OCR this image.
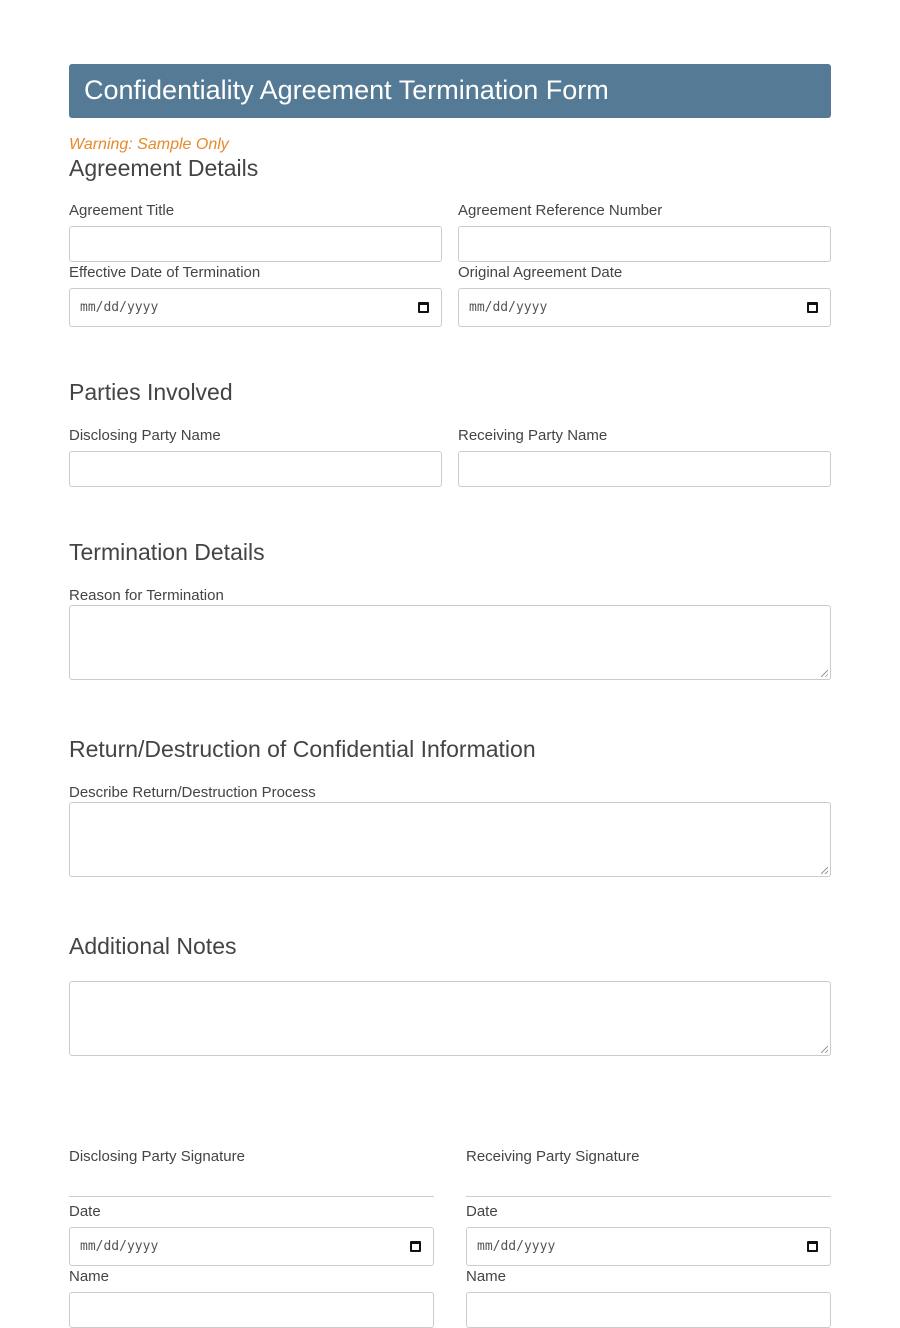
Confidentiality Agreement Termination Form
Warning: Sample Only
Agreement Details
Agreement Title	Agreement Reference Number
Effective Date of Termination
mm/dd/yyyy
Original Agreement Date
mm/dd/yyyy
Parties Involved
Disclosing Party Name	Receiving Party Name
Termination Details
Reason for Termination
Return/Destruction of Confidential Information
Describe Return/Destruction Process
Additional Notes
Disclosing Party Signature
Date
mm/dd/yyyy
Name
Receiving Party Signature
Date
mm/dd/yyyy
Name
